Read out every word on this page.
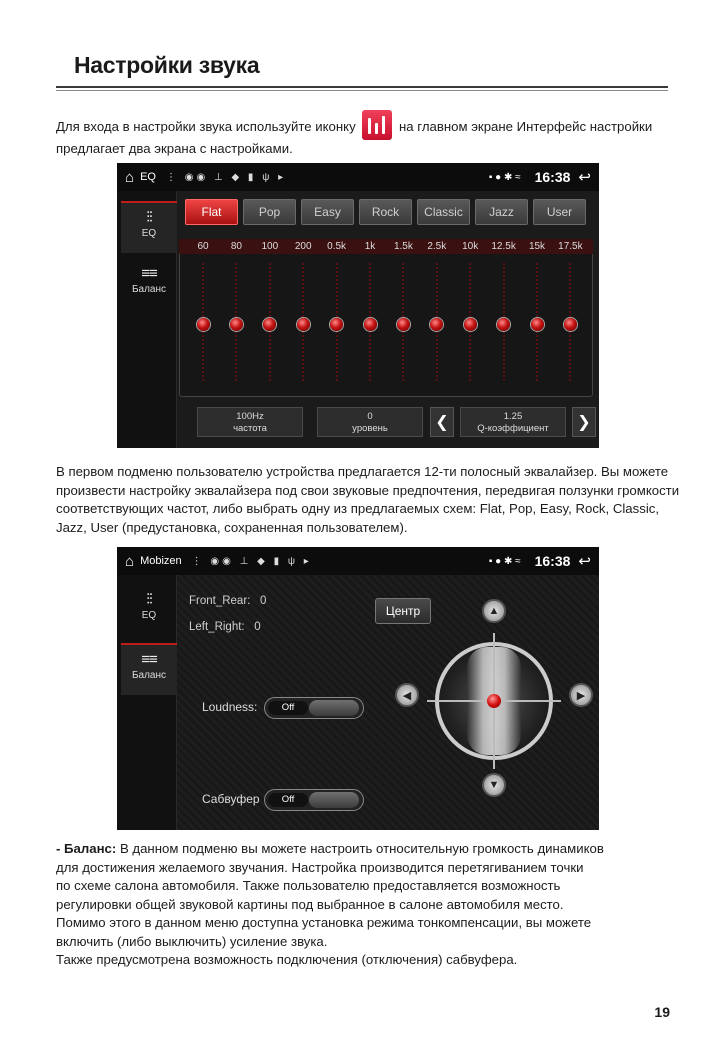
Настройки звука
Для входа в настройки звука используйте иконку	на главном экране Интерфейс настройки предлагает два экрана с настройками.
⌂ EQ ⋮ ◉◉ ⊥ ◆ ▮ ψ ▸	▪ ● ✱ ≈ 16:38 ↩
⫶⫶
EQ
≡≡
Баланс
Flat	Pop	Easy	Rock	Classic	Jazz	User
60	80	100	200	0.5k	1k	1.5k	2.5k	10k	12.5k	15k	17.5k
100Hz
частота
0
уровень	❮	1.25
Q-коэффициент	❯
В первом подменю пользователю устройства предлагается 12-ти полосный эквалайзер. Вы можете произвести настройку эквалайзера под свои звуковые предпочтения, передвигая ползунки громкости соответствующих частот, либо выбрать одну из предлагаемых схем: Flat, Pop, Easy, Rock, Classic, Jazz, User (предустановка, сохраненная пользователем).
⌂ Mobizen ⋮ ◉◉ ⊥ ◆ ▮ ψ ▸	▪ ● ✱ ≈ 16:38 ↩
⫶⫶
EQ
≡≡
Баланс
Front_Rear: 0
Left_Right: 0
Центр
Loudness:	Off
Сабвуфер	Off
▲
▼
◀	▶
- Баланс: В данном подменю вы можете настроить относительную громкость динамиков
для достижения желаемого звучания. Настройка производится перетягиванием точки
по схеме салона автомобиля. Также пользователю предоставляется возможность
регулировки общей звуковой картины под выбранное в салоне автомобиля место.
Помимо этого в данном меню доступна установка режима тонкомпенсации, вы можете
включить (либо выключить) усиление звука.
Также предусмотрена возможность подключения (отключения) сабвуфера.
19
